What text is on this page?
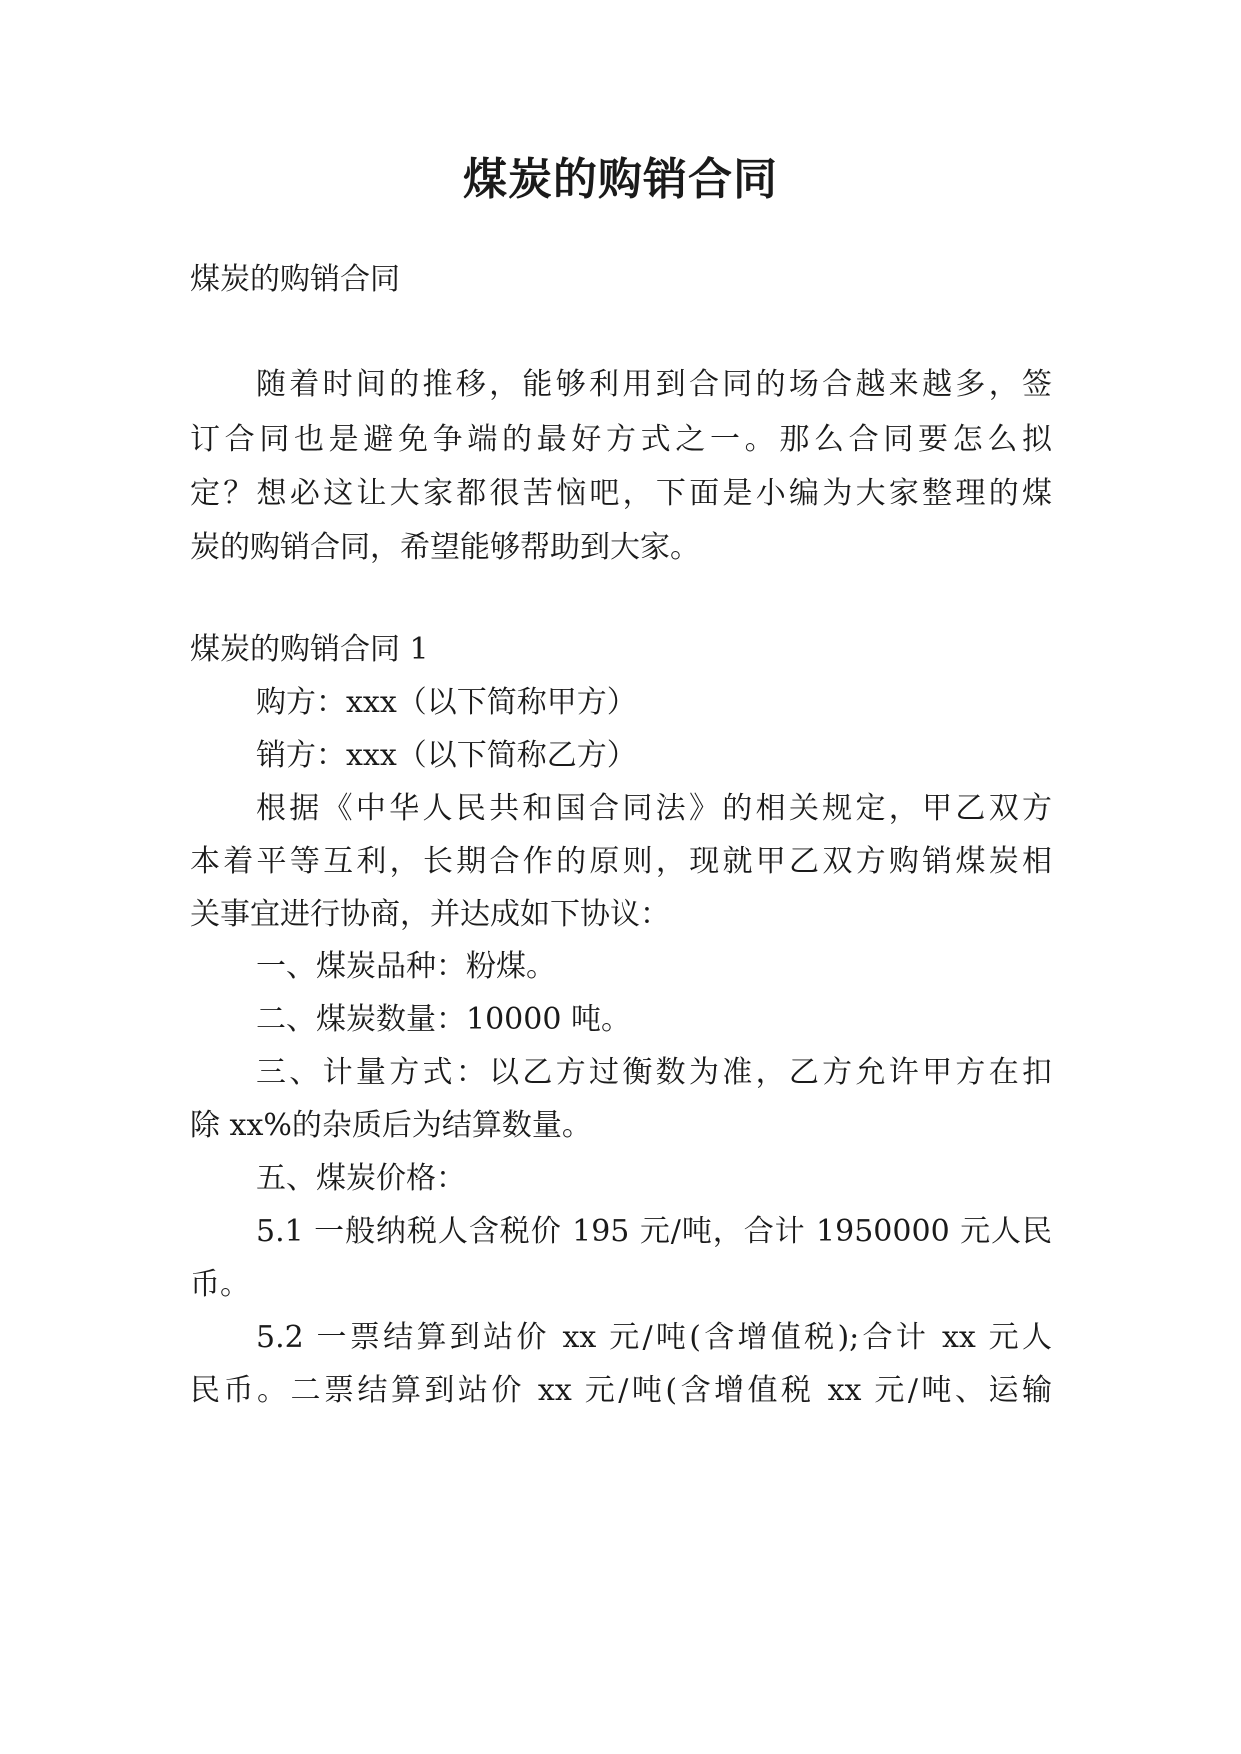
煤炭的购销合同

煤炭的购销合同

随着时间的推移，能够利用到合同的场合越来越多，签

订合同也是避免争端的最好方式之一。那么合同要怎么拟

定？想必这让大家都很苦恼吧，下面是小编为大家整理的煤

炭的购销合同，希望能够帮助到大家。

煤炭的购销合同 1

购方：xxx（以下简称甲方）

销方：xxx（以下简称乙方）

根据《中华人民共和国合同法》的相关规定，甲乙双方

本着平等互利，长期合作的原则，现就甲乙双方购销煤炭相

关事宜进行协商，并达成如下协议：

一、煤炭品种：粉煤。

二、煤炭数量：10000 吨。

三、计量方式：以乙方过衡数为准，乙方允许甲方在扣

除 xx%的杂质后为结算数量。

五、煤炭价格：

5.1 一般纳税人含税价 195 元/吨，合计 1950000 元人民

币。

5.2 一票结算到站价 xx 元/吨(含增值税);合计 xx 元人

民币。二票结算到站价 xx 元/吨(含增值税 xx 元/吨、运输
